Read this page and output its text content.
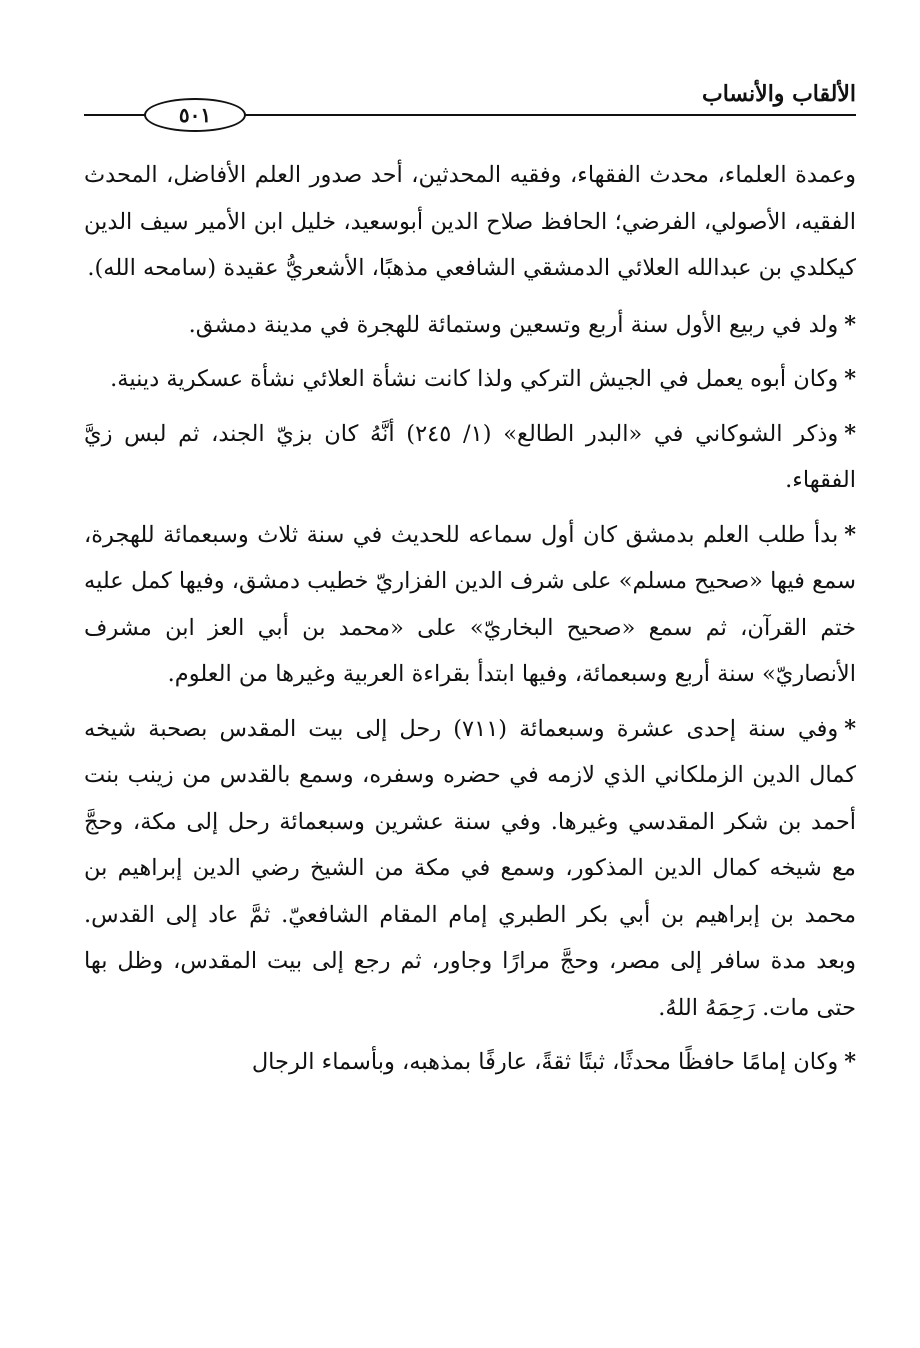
٥٠١
الألقاب والأنساب

وعمدة العلماء، محدث الفقهاء، وفقيه المحدثين، أحد صدور العلم الأفاضل، المحدث الفقيه، الأصولي، الفرضي؛ الحافظ صلاح الدين أبوسعيد، خليل ابن الأمير سيف الدين كيكلدي بن عبدالله العلائي الدمشقي الشافعي مذهبًا، الأشعريُّ عقيدة (سامحه الله).

*ولد في ربيع الأول سنة أربع وتسعين وستمائة للهجرة في مدينة دمشق.

*وكان أبوه يعمل في الجيش التركي ولذا كانت نشأة العلائي نشأة عسكرية دينية.

*وذكر الشوكاني في «البدر الطالع» (١/ ٢٤٥) أنَّهُ كان بزيّ الجند، ثم لبس زيَّ الفقهاء.

*بدأ طلب العلم بدمشق كان أول سماعه للحديث في سنة ثلاث وسبعمائة للهجرة، سمع فيها «صحيح مسلم» على شرف الدين الفزاريّ خطيب دمشق، وفيها كمل عليه ختم القرآن، ثم سمع «صحيح البخاريّ» على «محمد بن أبي العز ابن مشرف الأنصاريّ» سنة أربع وسبعمائة، وفيها ابتدأ بقراءة العربية وغيرها من العلوم.

*وفي سنة إحدى عشرة وسبعمائة (٧١١) رحل إلى بيت المقدس بصحبة شيخه كمال الدين الزملكاني الذي لازمه في حضره وسفره، وسمع بالقدس من زينب بنت أحمد بن شكر المقدسي وغيرها. وفي سنة عشرين وسبعمائة رحل إلى مكة، وحجَّ مع شيخه كمال الدين المذكور، وسمع في مكة من الشيخ رضي الدين إبراهيم بن محمد بن إبراهيم بن أبي بكر الطبري إمام المقام الشافعيّ. ثمَّ عاد إلى القدس. وبعد مدة سافر إلى مصر، وحجَّ مرارًا وجاور، ثم رجع إلى بيت المقدس، وظل بها حتى مات. رَحِمَهُ اللهُ.

*وكان إمامًا حافظًا محدثًا، ثبتًا ثقةً، عارفًا بمذهبه، وبأسماء الرجال
